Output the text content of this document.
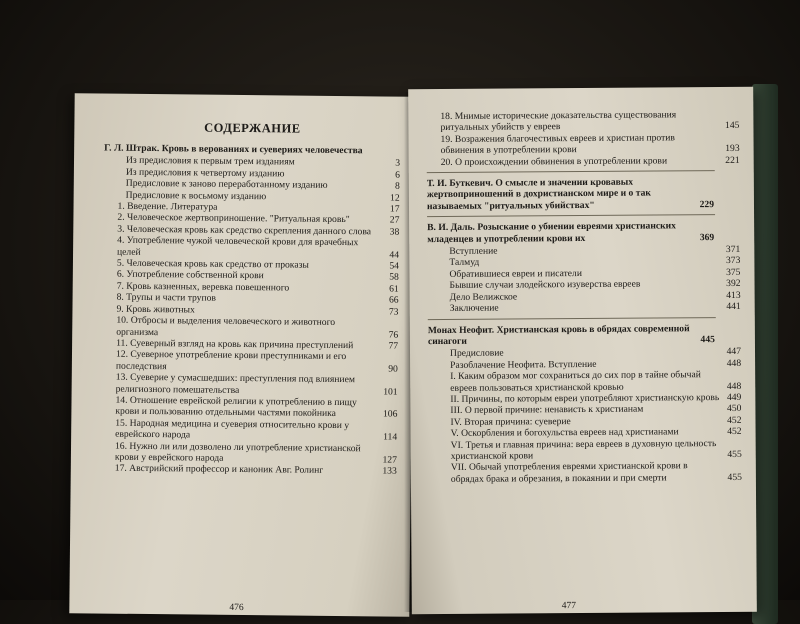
СОДЕРЖАНИЕ
Г. Л. Штрак. Кровь в верованиях и суевериях человечества
Из предисловия к первым трем изданиям	3
Из предисловия к четвертому изданию	6
Предисловие к заново переработанному изданию	8
Предисловие к восьмому изданию	12
1. Введение. Литература	17
2. Человеческое жертвоприношение. "Ритуальная кровь"	27
3. Человеческая кровь как средство скрепления данного слова	38
4. Употребление чужой человеческой крови для врачебных целей	44
5. Человеческая кровь как средство от проказы	54
6. Употребление собственной крови	58
7. Кровь казненных, веревка повешенного	61
8. Трупы и части трупов	66
9. Кровь животных	73
10. Отбросы и выделения человеческого и животного организма	76
11. Суеверный взгляд на кровь как причина преступлений	77
12. Суеверное употребление крови преступниками и его последствия	90
13. Суеверие у сумасшедших: преступления под влиянием религиозного помешательства	101
14. Отношение еврейской религии к употреблению в пищу крови и пользованию отдельными частями покойника	106
15. Народная медицина и суеверия относительно крови у еврейского народа	114
16. Нужно ли или дозволено ли употребление христианской крови у еврейского народа	127
17. Австрийский профессор и каноник Авг. Ролинг	133
476
18. Мнимые исторические доказательства существования ритуальных убийств у евреев	145
19. Возражения благочестивых евреев и христиан против обвинения в употреблении крови	193
20. О происхождении обвинения в употреблении крови	221
Т. И. Буткевич. О смысле и значении кровавых жертвоприношений в дохристианском мире и о так называемых "ритуальных убийствах"	229
В. И. Даль. Розыскание о убиении евреями христианских младенцев и употреблении крови их	369
Вступление	371
Талмуд	373
Обратившиеся евреи и писатели	375
Бывшие случаи злодейского изуверства евреев	392
Дело Велижское	413
Заключение	441
Монах Неофит. Христианская кровь в обрядах современной синагоги	445
Предисловие	447
Разоблачение Неофита. Вступление	448
I. Каким образом мог сохраниться до сих пор в тайне обычай евреев пользоваться христианской кровью	448
II. Причины, по которым евреи употребляют христианскую кровь 449
III. О первой причине: ненависть к христианам	450
IV. Вторая причина: суеверие	452
V. Оскорбления и богохульства евреев над христианами	452
VI. Третья и главная причина: вера евреев в духовную цельность христианской крови	455
VII. Обычай употребления евреями христианской крови в обрядах брака и обрезания, в покаянии и при смерти	455
477
